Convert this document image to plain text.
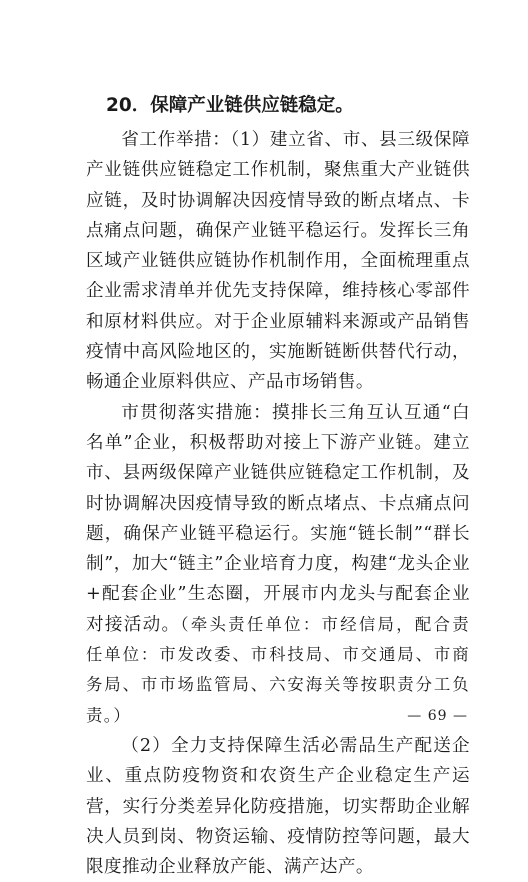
20．保障产业链供应链稳定。

省工作举措：（1）建立省、市、县三级保障产业链供应链稳定工作机制，聚焦重大产业链供应链，及时协调解决因疫情导致的断点堵点、卡点痛点问题，确保产业链平稳运行。发挥长三角区域产业链供应链协作机制作用，全面梳理重点企业需求清单并优先支持保障，维持核心零部件和原材料供应。对于企业原辅料来源或产品销售疫情中高风险地区的，实施断链断供替代行动，畅通企业原料供应、产品市场销售。

市贯彻落实措施：摸排长三角互认互通“白名单”企业，积极帮助对接上下游产业链。建立市、县两级保障产业链供应链稳定工作机制，及时协调解决因疫情导致的断点堵点、卡点痛点问题，确保产业链平稳运行。实施“链长制”“群长制”，加大“链主”企业培育力度，构建“龙头企业+配套企业”生态圈，开展市内龙头与配套企业对接活动。（牵头责任单位：市经信局，配合责任单位：市发改委、市科技局、市交通局、市商务局、市市场监管局、六安海关等按职责分工负责。）

（2）全力支持保障生活必需品生产配送企业、重点防疫物资和农资生产企业稳定生产运营，实行分类差异化防疫措施，切实帮助企业解决人员到岗、物资运输、疫情防控等问题，最大限度推动企业释放产能、满产达产。

— 69 —
